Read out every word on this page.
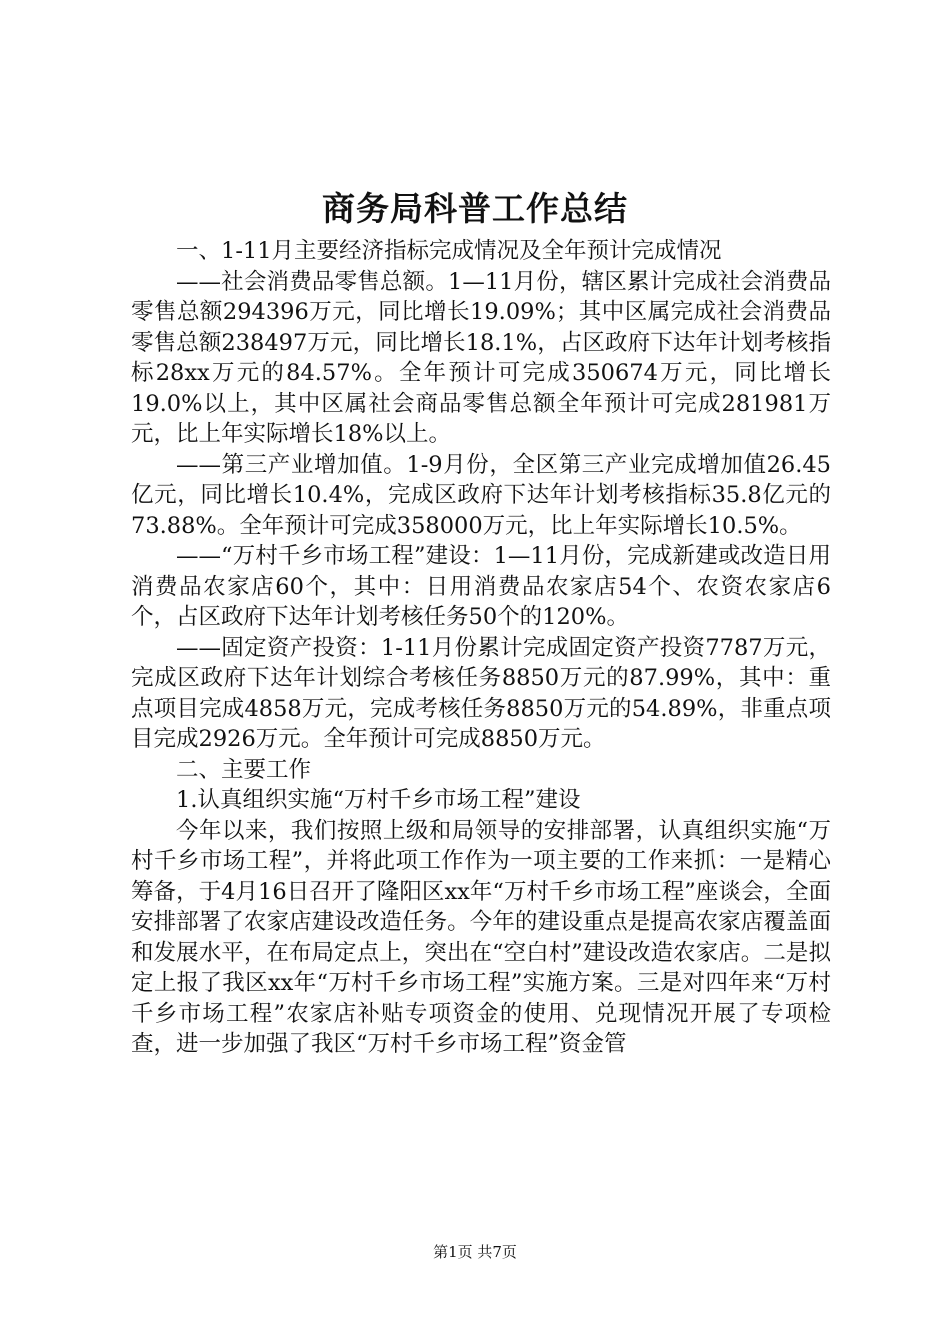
商务局科普工作总结

一、1-11月主要经济指标完成情况及全年预计完成情况

——社会消费品零售总额。1—11月份，辖区累计完成社会消费品零售总额294396万元，同比增长19.09%；其中区属完成社会消费品零售总额238497万元，同比增长18.1%，占区政府下达年计划考核指标28xx万元的84.57%。全年预计可完成350674万元，同比增长19.0%以上，其中区属社会商品零售总额全年预计可完成281981万元，比上年实际增长18%以上。

——第三产业增加值。1-9月份，全区第三产业完成增加值26.45亿元，同比增长10.4%，完成区政府下达年计划考核指标35.8亿元的73.88%。全年预计可完成358000万元，比上年实际增长10.5%。

——“万村千乡市场工程”建设：1—11月份，完成新建或改造日用消费品农家店60个，其中：日用消费品农家店54个、农资农家店6个，占区政府下达年计划考核任务50个的120%。

——固定资产投资：1-11月份累计完成固定资产投资7787万元，完成区政府下达年计划综合考核任务8850万元的87.99%，其中：重点项目完成4858万元，完成考核任务8850万元的54.89%，非重点项目完成2926万元。全年预计可完成8850万元。

二、主要工作

1.认真组织实施“万村千乡市场工程”建设

今年以来，我们按照上级和局领导的安排部署，认真组织实施“万村千乡市场工程”，并将此项工作作为一项主要的工作来抓：一是精心筹备，于4月16日召开了隆阳区xx年“万村千乡市场工程”座谈会，全面安排部署了农家店建设改造任务。今年的建设重点是提高农家店覆盖面和发展水平，在布局定点上，突出在“空白村”建设改造农家店。二是拟定上报了我区xx年“万村千乡市场工程”实施方案。三是对四年来“万村千乡市场工程”农家店补贴专项资金的使用、兑现情况开展了专项检查，进一步加强了我区“万村千乡市场工程”资金管

第1页 共7页
